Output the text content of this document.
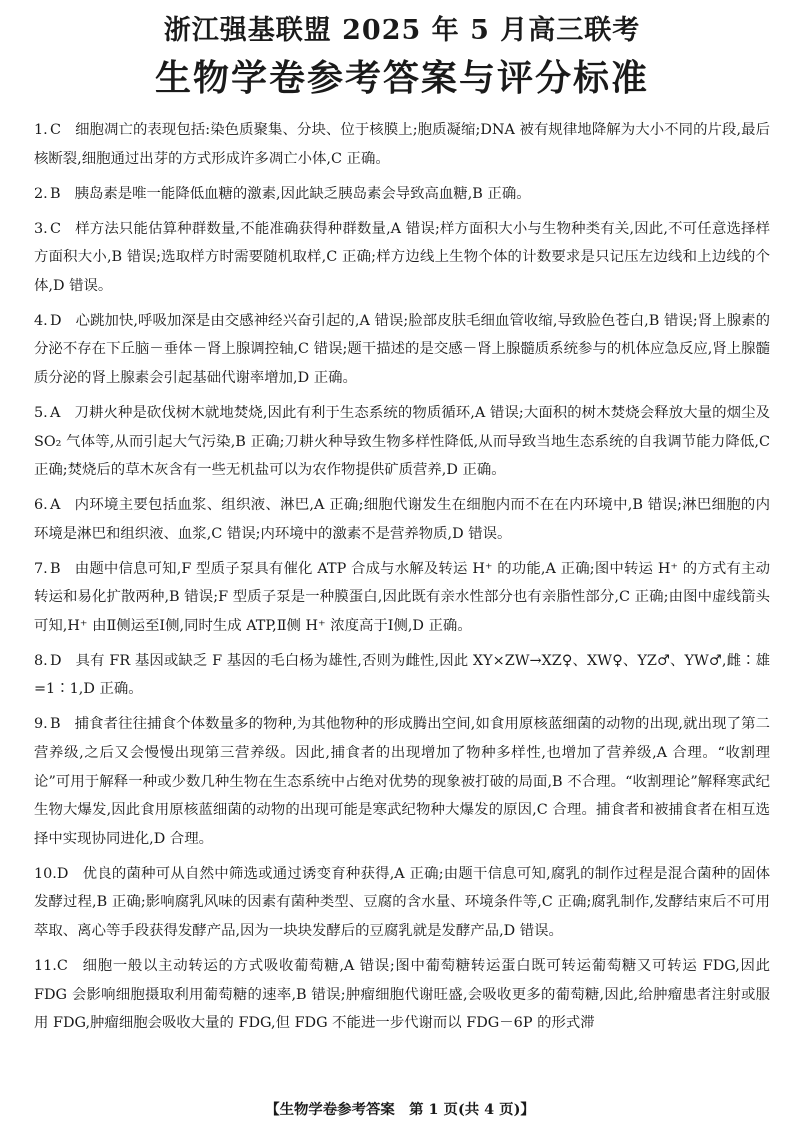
浙江强基联盟 2025 年 5 月高三联考
生物学卷参考答案与评分标准

1. C 细胞凋亡的表现包括:染色质聚集、分块、位于核膜上;胞质凝缩;DNA 被有规律地降解为大小不同的片段,最后核断裂,细胞通过出芽的方式形成许多凋亡小体,C 正确。

2. B 胰岛素是唯一能降低血糖的激素,因此缺乏胰岛素会导致高血糖,B 正确。

3. C 样方法只能估算种群数量,不能准确获得种群数量,A 错误;样方面积大小与生物种类有关,因此,不可任意选择样方面积大小,B 错误;选取样方时需要随机取样,C 正确;样方边线上生物个体的计数要求是只记压左边线和上边线的个体,D 错误。

4. D 心跳加快,呼吸加深是由交感神经兴奋引起的,A 错误;脸部皮肤毛细血管收缩,导致脸色苍白,B 错误;肾上腺素的分泌不存在下丘脑－垂体－肾上腺调控轴,C 错误;题干描述的是交感－肾上腺髓质系统参与的机体应急反应,肾上腺髓质分泌的肾上腺素会引起基础代谢率增加,D 正确。

5. A 刀耕火种是砍伐树木就地焚烧,因此有利于生态系统的物质循环,A 错误;大面积的树木焚烧会释放大量的烟尘及 SO₂ 气体等,从而引起大气污染,B 正确;刀耕火种导致生物多样性降低,从而导致当地生态系统的自我调节能力降低,C 正确;焚烧后的草木灰含有一些无机盐可以为农作物提供矿质营养,D 正确。

6. A 内环境主要包括血浆、组织液、淋巴,A 正确;细胞代谢发生在细胞内而不在在内环境中,B 错误;淋巴细胞的内环境是淋巴和组织液、血浆,C 错误;内环境中的激素不是营养物质,D 错误。

7. B 由题中信息可知,F 型质子泵具有催化 ATP 合成与水解及转运 H⁺ 的功能,A 正确;图中转运 H⁺ 的方式有主动转运和易化扩散两种,B 错误;F 型质子泵是一种膜蛋白,因此既有亲水性部分也有亲脂性部分,C 正确;由图中虚线箭头可知,H⁺ 由Ⅱ侧运至Ⅰ侧,同时生成 ATP,Ⅱ侧 H⁺ 浓度高于Ⅰ侧,D 正确。

8. D 具有 FR 基因或缺乏 F 基因的毛白杨为雄性,否则为雌性,因此 XY×ZW→XZ♀、XW♀、YZ♂、YW♂,雌∶雄=1∶1,D 正确。

9. B 捕食者往往捕食个体数量多的物种,为其他物种的形成腾出空间,如食用原核蓝细菌的动物的出现,就出现了第二营养级,之后又会慢慢出现第三营养级。因此,捕食者的出现增加了物种多样性,也增加了营养级,A 合理。“收割理论”可用于解释一种或少数几种生物在生态系统中占绝对优势的现象被打破的局面,B 不合理。“收割理论”解释寒武纪生物大爆发,因此食用原核蓝细菌的动物的出现可能是寒武纪物种大爆发的原因,C 合理。捕食者和被捕食者在相互选择中实现协同进化,D 合理。

10.D 优良的菌种可从自然中筛选或通过诱变育种获得,A 正确;由题干信息可知,腐乳的制作过程是混合菌种的固体发酵过程,B 正确;影响腐乳风味的因素有菌种类型、豆腐的含水量、环境条件等,C 正确;腐乳制作,发酵结束后不可用萃取、离心等手段获得发酵产品,因为一块块发酵后的豆腐乳就是发酵产品,D 错误。

11.C 细胞一般以主动转运的方式吸收葡萄糖,A 错误;图中葡萄糖转运蛋白既可转运葡萄糖又可转运 FDG,因此 FDG 会影响细胞摄取利用葡萄糖的速率,B 错误;肿瘤细胞代谢旺盛,会吸收更多的葡萄糖,因此,给肿瘤患者注射或服用 FDG,肿瘤细胞会吸收大量的 FDG,但 FDG 不能进一步代谢而以 FDG－6P 的形式滞

【生物学卷参考答案　第 1 页(共 4 页)】
